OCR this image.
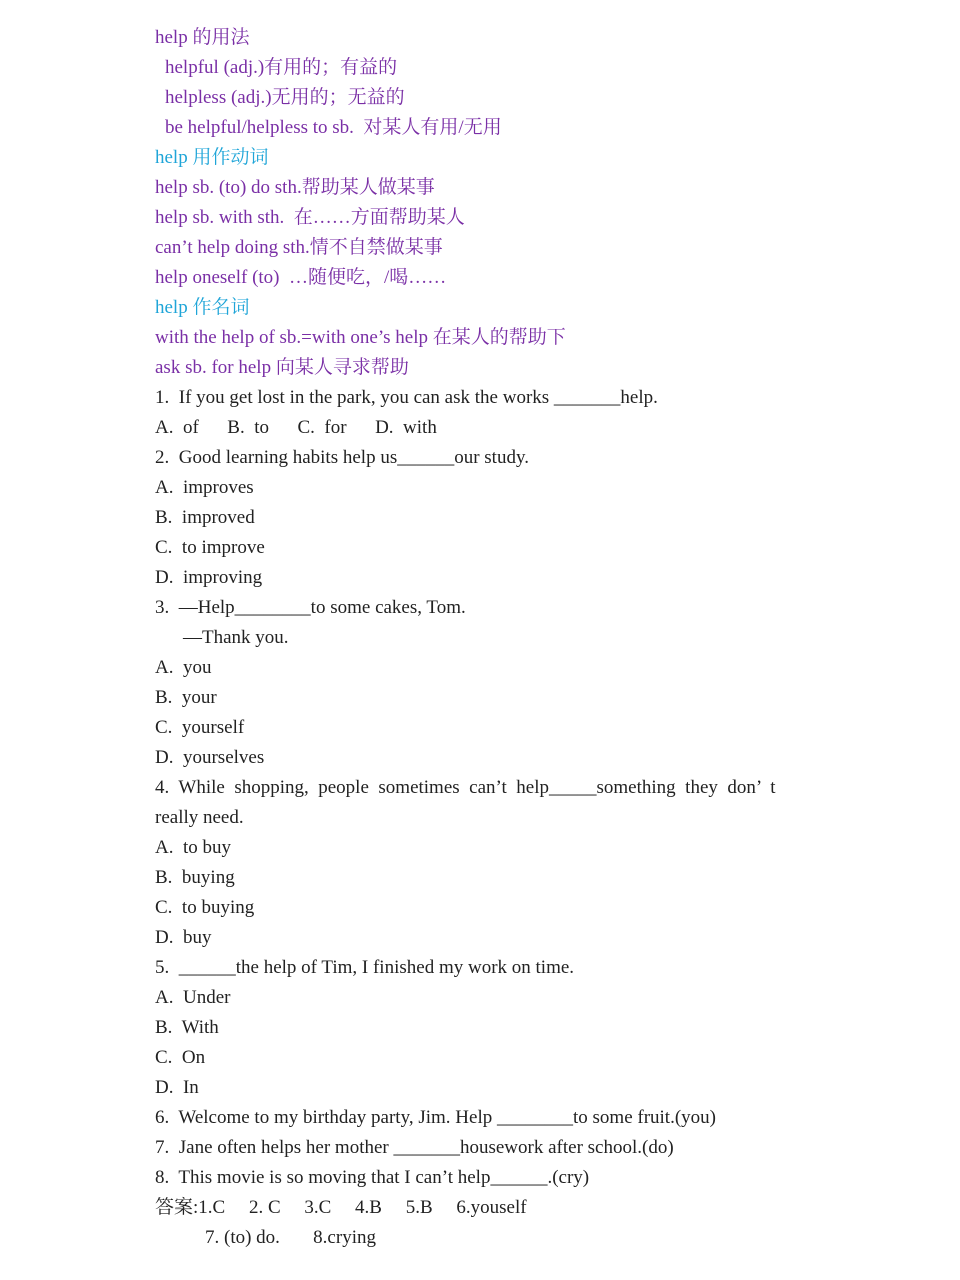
help 的用法
helpful (adj.)有用的；有益的
helpless (adj.)无用的；无益的
be helpful/helpless to sb.  对某人有用/无用
help 用作动词
help sb. (to) do sth.帮助某人做某事
help sb. with sth.  在……方面帮助某人
can’t help doing sth.情不自禁做某事
help oneself (to)  …随便吃，/喝……
help 作名词
with the help of sb.=with one’s help 在某人的帮助下
ask sb. for help 向某人寻求帮助
1.  If you get lost in the park, you can ask the works _______help.
A.  of      B.  to      C.  for      D.  with
2.  Good learning habits help us______our study.
A.  improves
B.  improved
C.  to improve
D.  improving
3.  —Help________to some cakes, Tom.
—Thank you.
A.  you
B.  your
C.  yourself
D.  yourselves
4.  While  shopping,  people  sometimes  can’t  help_____something  they  don’  t
really need.
A.  to buy
B.  buying
C.  to buying
D.  buy
5.  ______the help of Tim, I finished my work on time.
A.  Under
B.  With
C.  On
D.  In
6.  Welcome to my birthday party, Jim. Help ________to some fruit.(you)
7.  Jane often helps her mother _______housework after school.(do)
8.  This movie is so moving that I can’t help______.(cry)
答案:1.C     2. C     3.C     4.B     5.B     6.youself
7. (to) do.       8.crying
